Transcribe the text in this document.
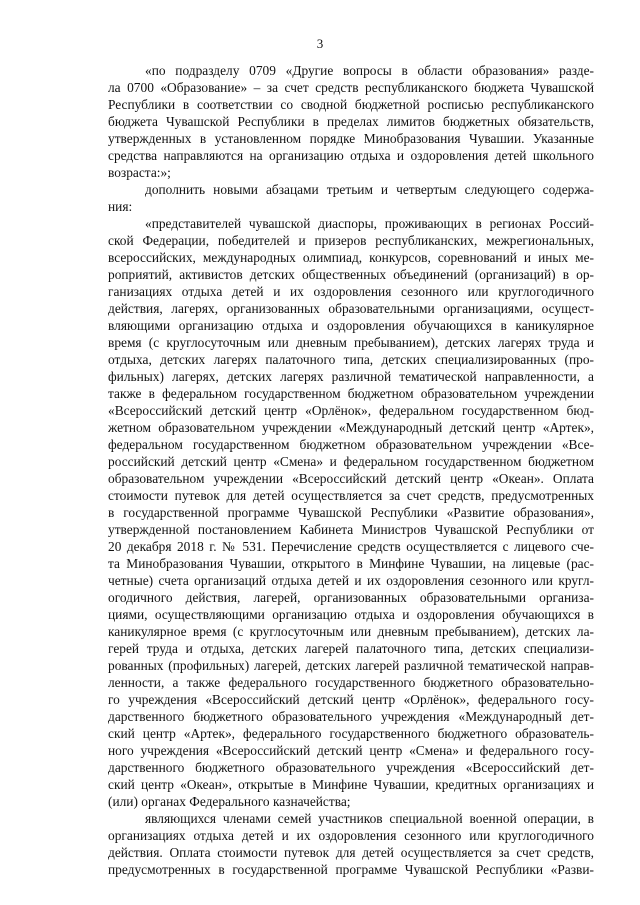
3
«по подразделу 0709 «Другие вопросы в области образования» разде-
ла 0700 «Образование» – за счет средств республиканского бюджета Чувашской
Республики в соответствии со сводной бюджетной росписью республиканского
бюджета Чувашской Республики в пределах лимитов бюджетных обязательств,
утвержденных в установленном порядке Минобразования Чувашии. Указанные
средства направляются на организацию отдыха и оздоровления детей школьного
возраста:»;
дополнить новыми абзацами третьим и четвертым следующего содержа-
ния:
«представителей чувашской диаспоры, проживающих в регионах Россий-
ской Федерации, победителей и призеров республиканских, межрегиональных,
всероссийских, международных олимпиад, конкурсов, соревнований и иных ме-
роприятий, активистов детских общественных объединений (организаций) в ор-
ганизациях отдыха детей и их оздоровления сезонного или круглогодичного
действия, лагерях, организованных образовательными организациями, осущест-
вляющими организацию отдыха и оздоровления обучающихся в каникулярное
время (с круглосуточным или дневным пребыванием), детских лагерях труда и
отдыха, детских лагерях палаточного типа, детских специализированных (про-
фильных) лагерях, детских лагерях различной тематической направленности, а
также в федеральном государственном бюджетном образовательном учреждении
«Всероссийский детский центр «Орлёнок», федеральном государственном бюд-
жетном образовательном учреждении «Международный детский центр «Артек»,
федеральном государственном бюджетном образовательном учреждении «Все-
российский детский центр «Смена» и федеральном государственном бюджетном
образовательном учреждении «Всероссийский детский центр «Океан». Оплата
стоимости путевок для детей осуществляется за счет средств, предусмотренных
в государственной программе Чувашской Республики «Развитие образования»,
утвержденной постановлением Кабинета Министров Чувашской Республики от
20 декабря 2018 г. № 531. Перечисление средств осуществляется с лицевого сче-
та Минобразования Чувашии, открытого в Минфине Чувашии, на лицевые (рас-
четные) счета организаций отдыха детей и их оздоровления сезонного или кругл-
огодичного действия, лагерей, организованных образовательными организа-
циями, осуществляющими организацию отдыха и оздоровления обучающихся в
каникулярное время (с круглосуточным или дневным пребыванием), детских ла-
герей труда и отдыха, детских лагерей палаточного типа, детских специализи-
рованных (профильных) лагерей, детских лагерей различной тематической направ-
ленности, а также федерального государственного бюджетного образовательно-
го учреждения «Всероссийский детский центр «Орлёнок», федерального госу-
дарственного бюджетного образовательного учреждения «Международный дет-
ский центр «Артек», федерального государственного бюджетного образователь-
ного учреждения «Всероссийский детский центр «Смена» и федерального госу-
дарственного бюджетного образовательного учреждения «Всероссийский дет-
ский центр «Океан», открытые в Минфине Чувашии, кредитных организациях и
(или) органах Федерального казначейства;
являющихся членами семей участников специальной военной операции, в
организациях отдыха детей и их оздоровления сезонного или круглогодичного
действия. Оплата стоимости путевок для детей осуществляется за счет средств,
предусмотренных в государственной программе Чувашской Республики «Разви-
